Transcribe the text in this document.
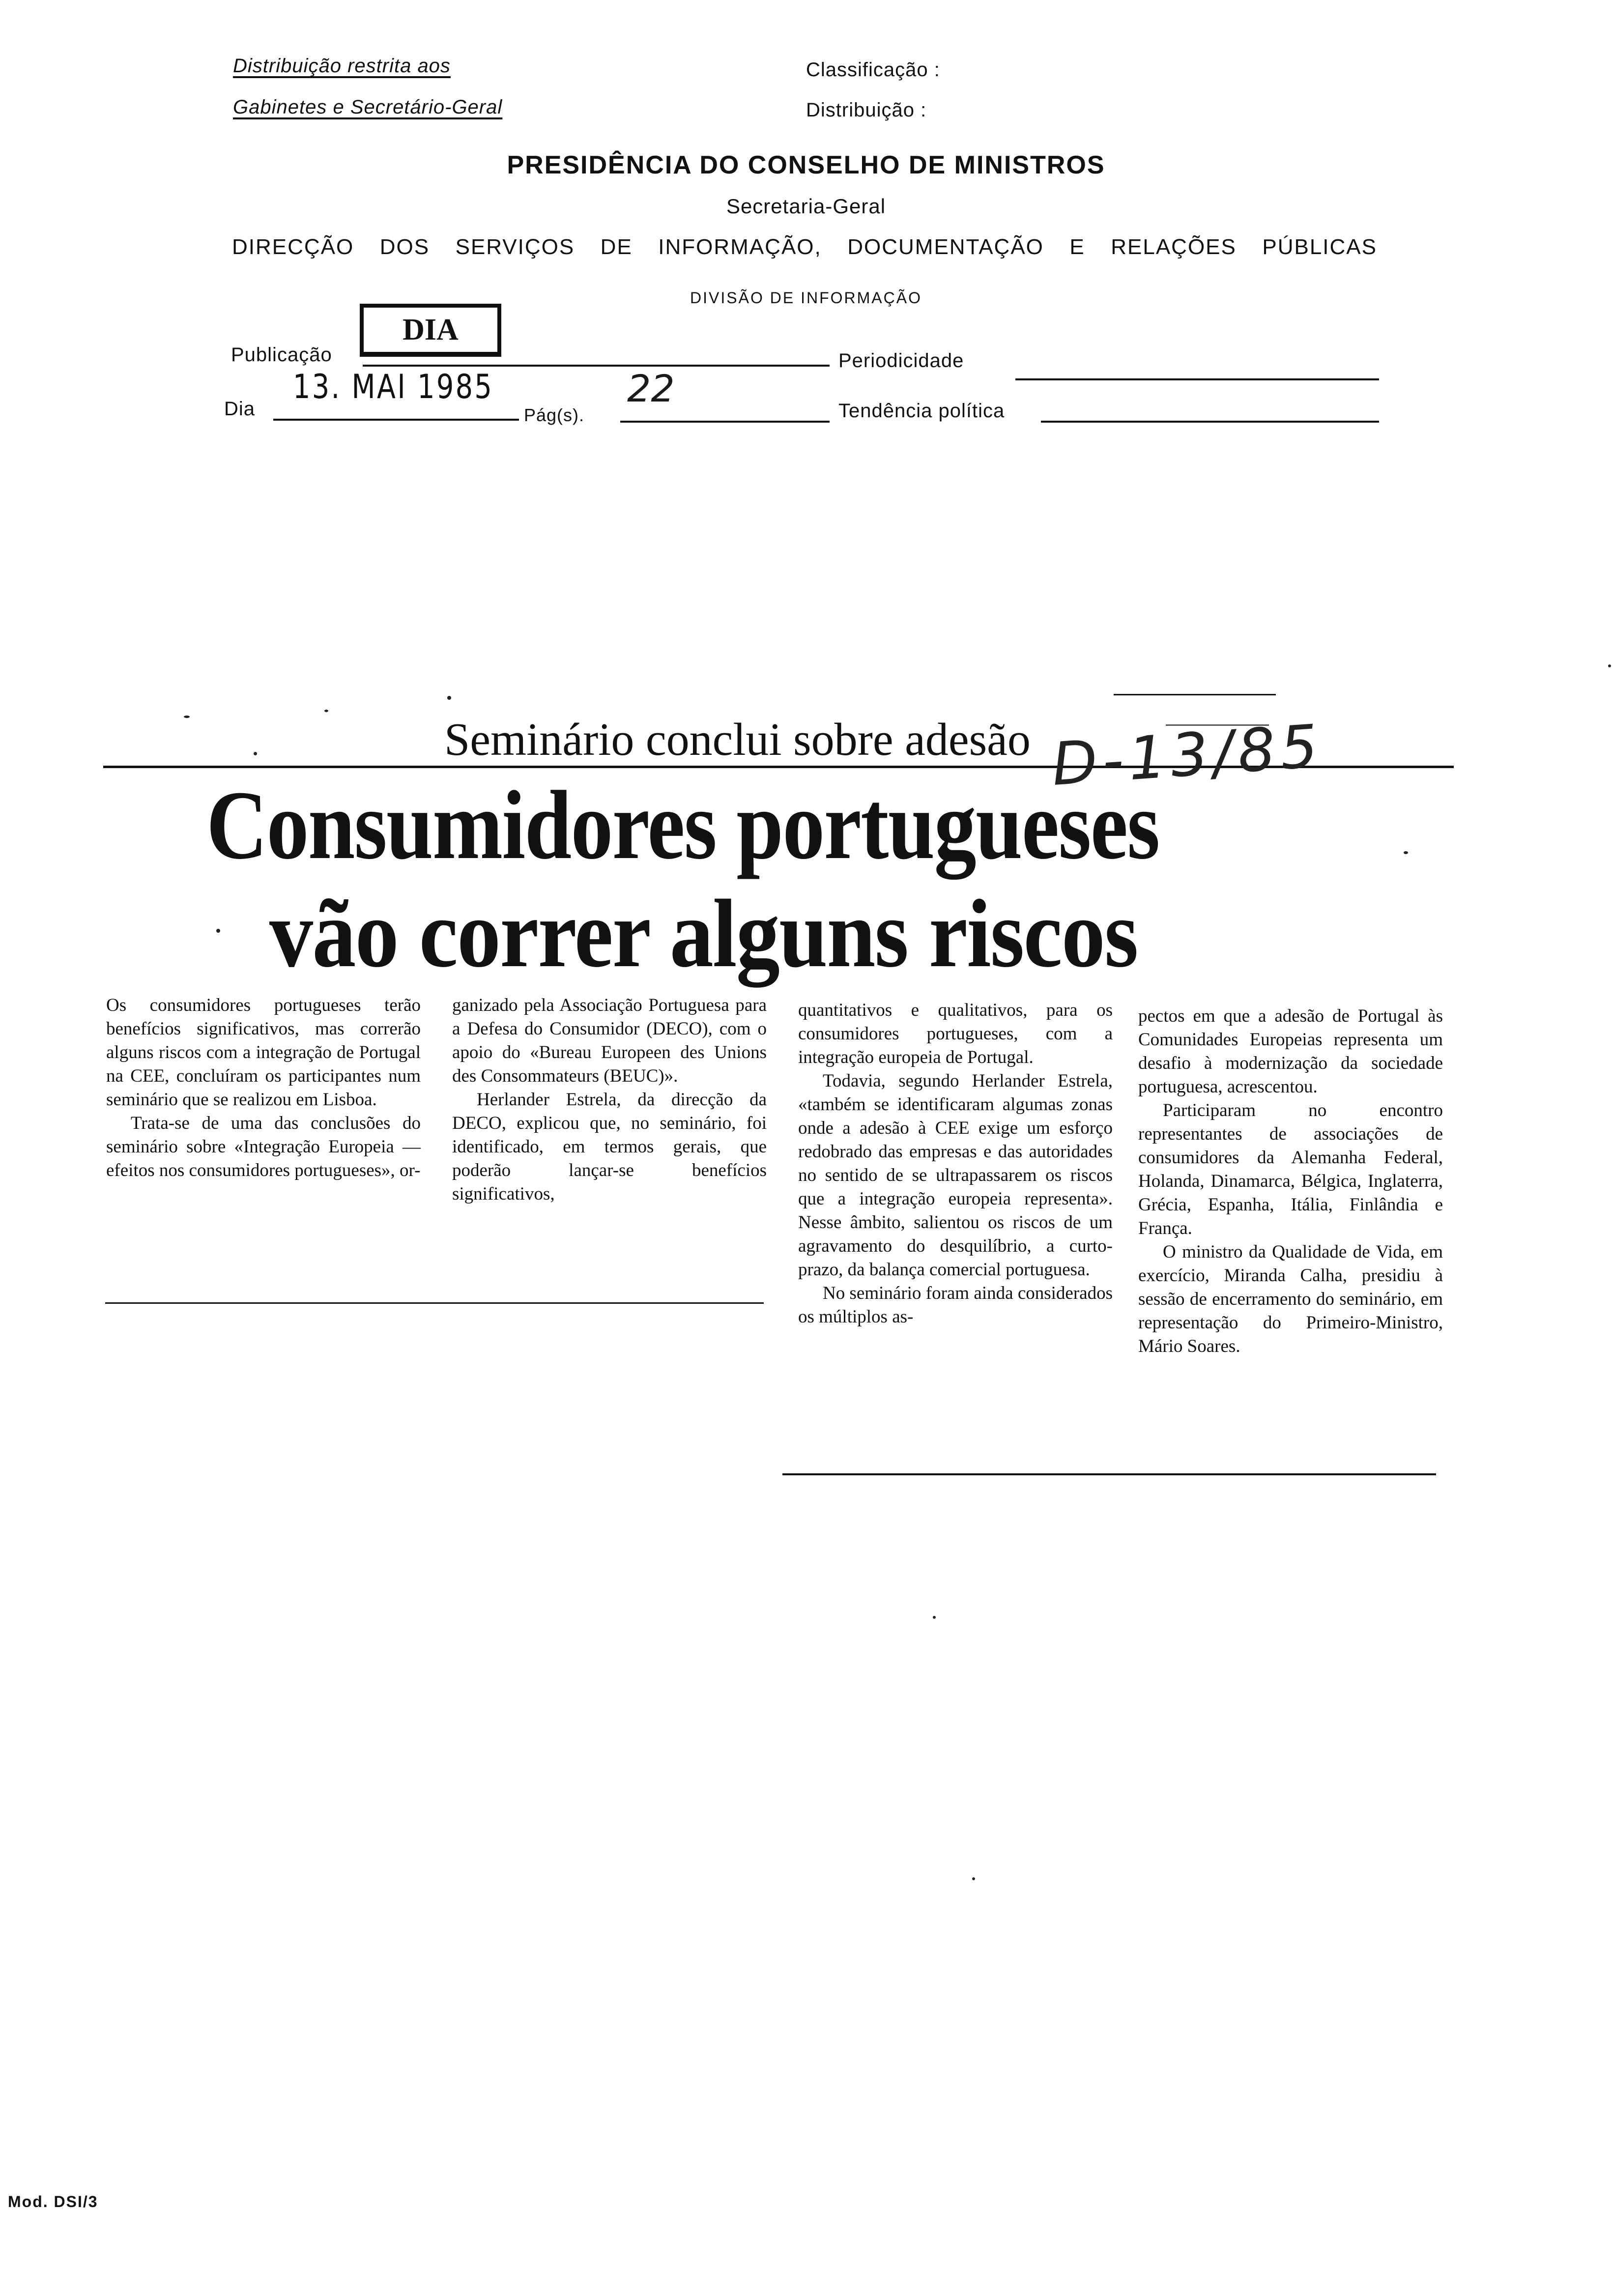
Distribuição restrita aos
Gabinetes e Secretário-Geral
Classificação :
Distribuição :
PRESIDÊNCIA DO CONSELHO DE MINISTROS
Secretaria-Geral
DIRECÇÃO DOS SERVIÇOS DE INFORMAÇÃO, DOCUMENTAÇÃO E RELAÇÕES PÚBLICAS
DIVISÃO DE INFORMAÇÃO
Publicação
DIA
Periodicidade
Dia
13. MAI 1985
Pág(s).
22
Tendência política
Seminário conclui sobre adesão
Consumidores portugueses
vão correr alguns riscos
D-13/85

Os consumidores portugueses terão benefícios significativos, mas correrão alguns riscos com a integração de Portugal na CEE, concluíram os participantes num seminário que se realizou em Lisboa.

Trata-se de uma das conclusões do seminário sobre «Integração Europeia — efeitos nos consumidores portugueses», or-

ganizado pela Associação Portuguesa para a Defesa do Consumidor (DECO), com o apoio do «Bureau Europeen des Unions des Consommateurs (BEUC)».

Herlander Estrela, da direcção da DECO, explicou que, no seminário, foi identificado, em termos gerais, que poderão lançar-se benefícios significativos,

quantitativos e qualitativos, para os consumidores portugueses, com a integração europeia de Portugal.

Todavia, segundo Herlander Estrela, «também se identificaram algumas zonas onde a adesão à CEE exige um esforço redobrado das empresas e das autoridades no sentido de se ultrapassarem os riscos que a integração europeia representa». Nesse âmbito, salientou os riscos de um agravamento do desquilíbrio, a curto-prazo, da balança comercial portuguesa.

No seminário foram ainda considerados os múltiplos as-

pectos em que a adesão de Portugal às Comunidades Europeias representa um desafio à modernização da sociedade portuguesa, acrescentou.

Participaram no encontro representantes de associações de consumidores da Alemanha Federal, Holanda, Dinamarca, Bélgica, Inglaterra, Grécia, Espanha, Itália, Finlândia e França.

O ministro da Qualidade de Vida, em exercício, Miranda Calha, presidiu à sessão de encerramento do seminário, em representação do Primeiro-Ministro, Mário Soares.

Mod. DSI/3
